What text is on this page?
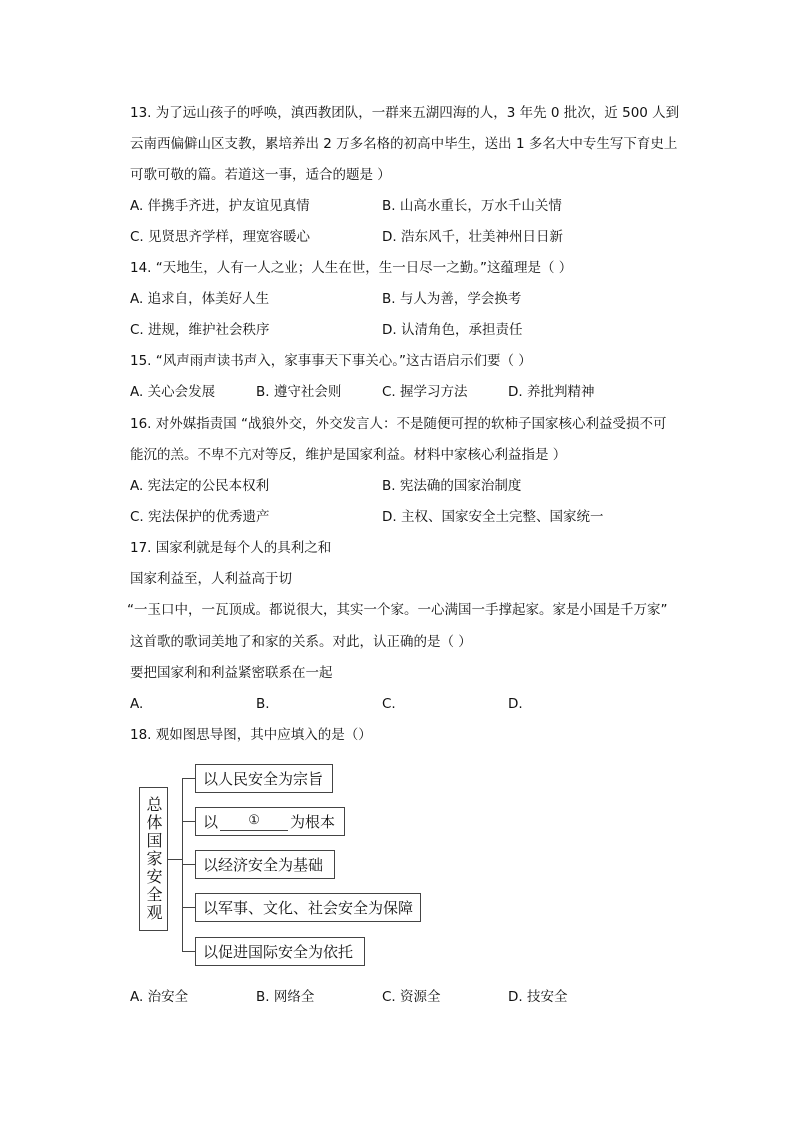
13. 为了远山孩子的呼唤，滇西教团队，一群来五湖四海的人，3 年先 0 批次，近 500 人到
云南西偏僻山区支教，累培养出 2 万多名格的初高中毕生，送出 1 多名大中专生写下育史上
可歌可敬的篇。若道这一事，适合的题是 ）
A. 伴携手齐进，护友谊见真情	B. 山高水重长，万水千山关情
C. 见贤思齐学样，理宽容暖心	D. 浩东风千，壮美神州日日新
14. “天地生，人有一人之业；人生在世，生一日尽一之勤。”这蕴理是（ ）
A. 追求自，体美好人生	B. 与人为善，学会换考
C. 进规，维护社会秩序	D. 认清角色，承担责任
15. “风声雨声读书声入，家事事天下事关心。”这古语启示们要（ ）
A. 关心会发展	B. 遵守社会则	C. 握学习方法	D. 养批判精神
16. 对外媒指责国 “战狼外交，外交发言人：不是随便可捏的软柿子国家核心利益受损不可
能沉的羔。不卑不亢对等反，维护是国家利益。材料中家核心利益指是 ）
A. 宪法定的公民本权利	B. 宪法确的国家治制度
C. 宪法保护的优秀遗产	D. 主权、国家安全土完整、国家统一
17. 国家利就是每个人的具利之和
国家利益至，人利益高于切
“一玉口中，一瓦顶成。都说很大，其实一个家。一心满国一手撑起家。家是小国是千万家”
这首歌的歌词美地了和家的关系。对此，认正确的是（ ）
要把国家利和利益紧密联系在一起
A.	B.	C.	D.
18. 观如图思导图，其中应填入的是（）
总体国家安全观
以人民安全为宗旨
以	①	为根本
以经济安全为基础
以军事、文化、社会安全为保障
以促进国际安全为依托
A. 治安全	B. 网络全	C. 资源全	D. 技安全
